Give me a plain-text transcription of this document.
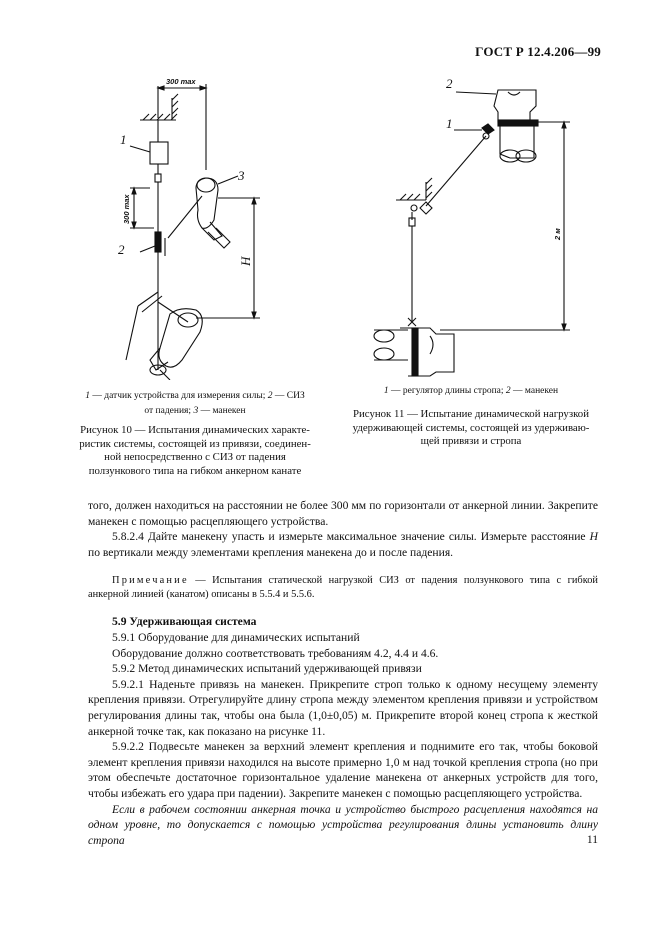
ГОСТ Р 12.4.206—99
1
2
3
300 max
300 max
H
1 — датчик устройства для измерения силы; 2 — СИЗ
от падения; 3 — манекен
Рисунок 10 — Испытания динамических характе-
ристик системы, состоящей из привязи, соединен-
ной непосредственно с СИЗ от падения
ползункового типа на гибком анкерном канате
2
1
2 м
1 — регулятор длины стропа; 2 — манекен
Рисунок 11 — Испытание динамической нагрузкой
удерживающей системы, состоящей из удерживаю-
щей привязи и стропа

того, должен находиться на расстоянии не более 300 мм по горизонтали от анкерной линии. Закрепите манекен с помощью расцепляющего устройства.

5.8.2.4 Дайте манекену упасть и измерьте максимальное значение силы. Измерьте расстояние Н по вертикали между элементами крепления манекена до и после падения.

Примечание — Испытания статической нагрузкой СИЗ от падения ползункового типа с гибкой анкерной линией (канатом) описаны в 5.5.4 и 5.5.6.

5.9 Удерживающая система

5.9.1 Оборудование для динамических испытаний

Оборудование должно соответствовать требованиям 4.2, 4.4 и 4.6.

5.9.2 Метод динамических испытаний удерживающей привязи

5.9.2.1 Наденьте привязь на манекен. Прикрепите строп только к одному несущему элементу крепления привязи. Отрегулируйте длину стропа между элементом крепления привязи и устройством регулирования длины так, чтобы она была (1,0±0,05) м. Прикрепите второй конец стропа к жесткой анкерной точке так, как показано на рисунке 11.

5.9.2.2 Подвесьте манекен за верхний элемент крепления и поднимите его так, чтобы боковой элемент крепления привязи находился на высоте примерно 1,0 м над точкой крепления стропа (но при этом обеспечьте достаточное горизонтальное удаление манекена от анкерных устройств для того, чтобы избежать его удара при падении). Закрепите манекен с помощью расцепляющего устройства.

Если в рабочем состоянии анкерная точка и устройство быстрого расцепления находятся на одном уровне, то допускается с помощью устройства регулирования длины установить длину стропа	11
